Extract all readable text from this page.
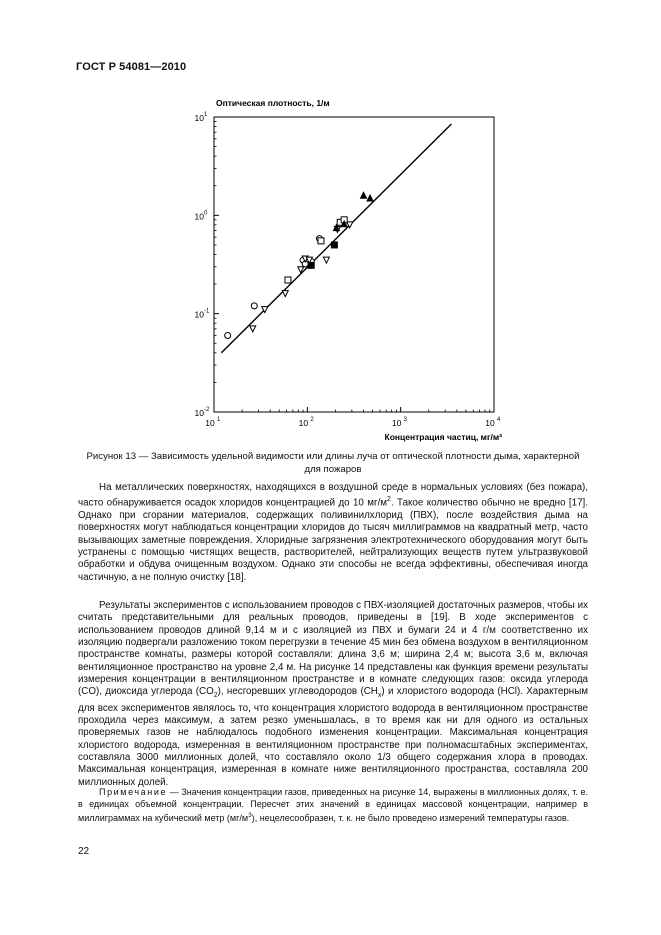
ГОСТ Р 54081—2010
Оптическая плотность, 1/м
Концентрация частиц, мг/м³
10 1	10 2	10 3	10 4
10 -2
10 -1
10 0
10 1
Рисунок 13 — Зависимость удельной видимости или длины луча от оптической плотности дыма, характерной
для пожаров

На металлических поверхностях, находящихся в воздушной среде в нормальных условиях (без пожара), часто обнаруживается осадок хлоридов концентрацией до 10 $мг/м^2$. Такое количество обычно не вредно [17]. Однако при сгорании материалов, содержащих поливинилхлорид (ПВХ), после воздействия дыма на поверхностях могут наблюдаться концентрации хлоридов до тысяч миллиграммов на квадратный метр, часто вызывающих заметные повреждения. Хлоридные загрязнения электротехнического оборудования могут быть устранены с помощью чистящих веществ, растворителей, нейтрализующих веществ путем ультразвуковой обработки и обдува очищенным воздухом. Однако эти способы не всегда эффективны, обеспечивая иногда частичную, а не полную очистку [18].

Результаты экспериментов с использованием проводов с ПВХ-изоляцией достаточных размеров, чтобы их считать представительными для реальных проводов, приведены в [19]. В ходе экспериментов с использованием проводов длиной 9,14 м и с изоляцией из ПВХ и бумаги 24 и 4 г/м соответственно их изоляцию подвергали разложению током перегрузки в течение 45 мин без обмена воздухом в вентиляционном пространстве комнаты, размеры которой составляли: длина 3,6 м; ширина 2,4 м; высота 3,6 м, включая вентиляционное пространство на уровне 2,4 м. На рисунке 14 представлены как функция времени результаты измерения концентрации в вентиляционном пространстве и в комнате следующих газов: оксида углерода (CO), диоксида углерода $(CO_2)$, несгоревших углеводородов $(CH_x)$ и хлористого водорода (HCl). Характерным для всех экспериментов являлось то, что концентрация хлористого водорода в вентиляционном пространстве проходила через максимум, а затем резко уменьшалась, в то время как ни для одного из остальных проверяемых газов не наблюдалось подобного изменения концентрации. Максимальная концентрация хлористого водорода, измеренная в вентиляционном пространстве при полномасштабных экспериментах, составляла 3000 миллионных долей, что составляло около 1/3 общего содержания хлора в проводах. Максимальная концентрация, измеренная в комнате ниже вентиляционного пространства, составляла 200 миллионных долей.

Примечание — Значения концентрации газов, приведенных на рисунке 14, выражены в миллионных долях, т. е. в единицах объемной концентрации. Пересчет этих значений в единицах массовой концентрации, например в миллиграммах на кубический метр $(мг/м^3)$, нецелесообразен, т. к. не было проведено измерений температуры газов.
22
